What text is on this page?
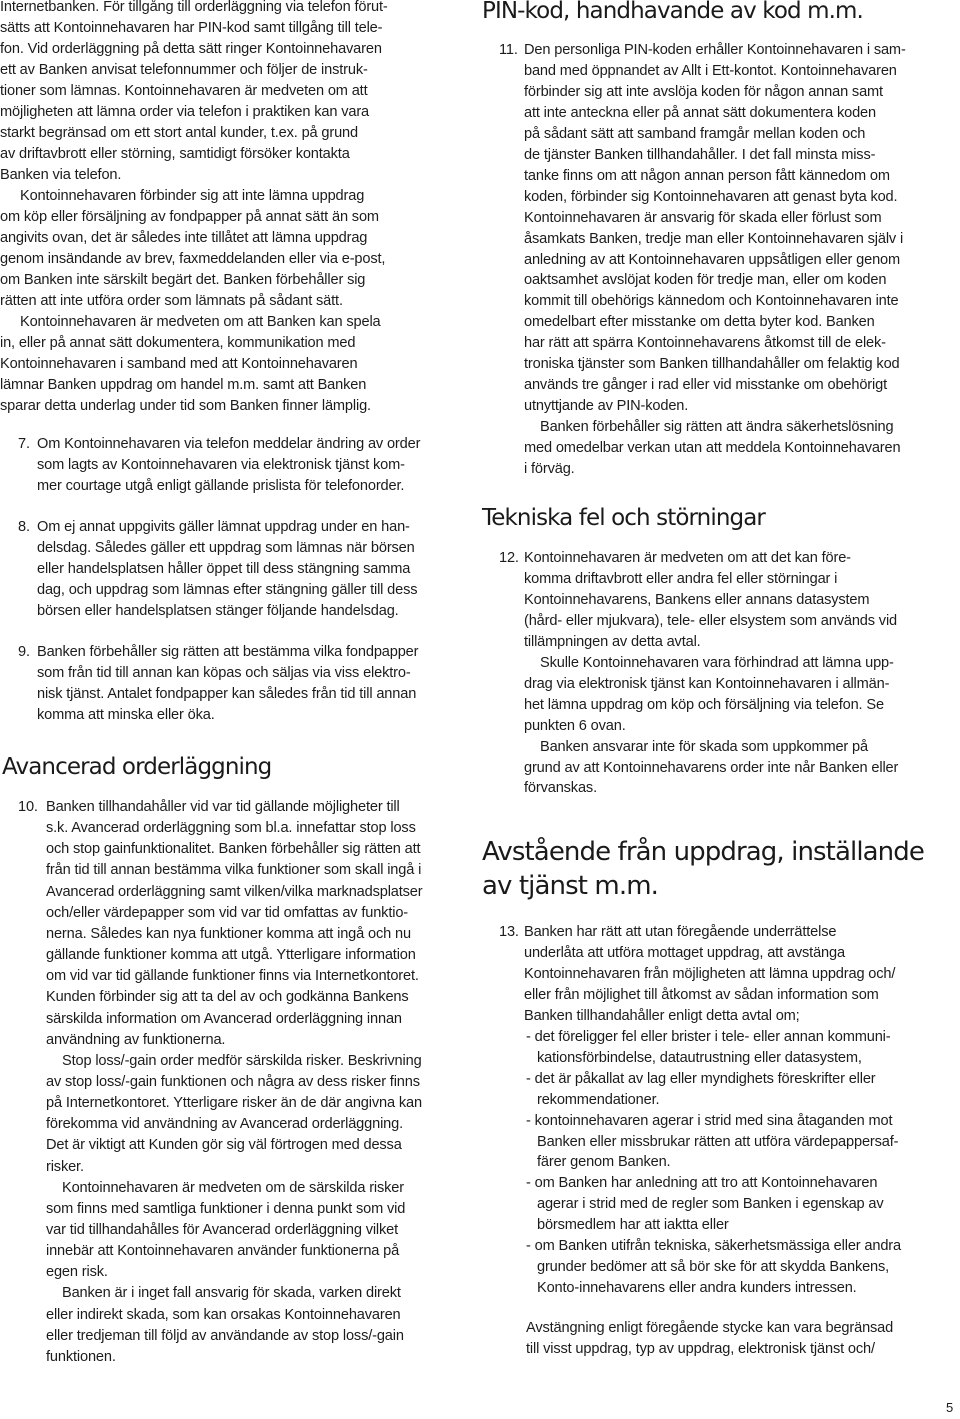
Internetbanken. För tillgång till orderläggning via telefon förut-
sätts att Kontoinnehavaren har PIN-kod samt tillgång till tele-
fon. Vid orderläggning på detta sätt ringer Kontoinnehavaren
ett av Banken anvisat telefonnummer och följer de instruk-
tioner som lämnas. Kontoinnehavaren är medveten om att
möjligheten att lämna order via telefon i praktiken kan vara
starkt begränsad om ett stort antal kunder, t.ex. på grund
av driftavbrott eller störning, samtidigt försöker kontakta
Banken via telefon.
Kontoinnehavaren förbinder sig att inte lämna uppdrag
om köp eller försäljning av fondpapper på annat sätt än som
angivits ovan, det är således inte tillåtet att lämna uppdrag
genom insändande av brev, faxmeddelanden eller via e-post,
om Banken inte särskilt begärt det. Banken förbehåller sig
rätten att inte utföra order som lämnats på sådant sätt.
Kontoinnehavaren är medveten om att Banken kan spela
in, eller på annat sätt dokumentera, kommunikation med
Kontoinnehavaren i samband med att Kontoinnehavaren
lämnar Banken uppdrag om handel m.m. samt att Banken
sparar detta underlag under tid som Banken finner lämplig.
7. Om Kontoinnehavaren via telefon meddelar ändring av order
som lagts av Kontoinnehavaren via elektronisk tjänst kom-
mer courtage utgå enligt gällande prislista för telefonorder.
8. Om ej annat uppgivits gäller lämnat uppdrag under en han-
delsdag. Således gäller ett uppdrag som lämnas när börsen
eller handelsplatsen håller öppet till dess stängning samma
dag, och uppdrag som lämnas efter stängning gäller till dess
börsen eller handelsplatsen stänger följande handelsdag.
9. Banken förbehåller sig rätten att bestämma vilka fondpapper
som från tid till annan kan köpas och säljas via viss elektro-
nisk tjänst. Antalet fondpapper kan således från tid till annan
komma att minska eller öka.
Avancerad orderläggning
10. Banken tillhandahåller vid var tid gällande möjligheter till
s.k. Avancerad orderläggning som bl.a. innefattar stop loss
och stop gainfunktionalitet. Banken förbehåller sig rätten att
från tid till annan bestämma vilka funktioner som skall ingå i
Avancerad orderläggning samt vilken/vilka marknadsplatser
och/eller värdepapper som vid var tid omfattas av funktio-
nerna. Således kan nya funktioner komma att ingå och nu
gällande funktioner komma att utgå. Ytterligare information
om vid var tid gällande funktioner finns via Internetkontoret.
Kunden förbinder sig att ta del av och godkänna Bankens
särskilda information om Avancerad orderläggning innan
användning av funktionerna.
Stop loss/-gain order medför särskilda risker. Beskrivning
av stop loss/-gain funktionen och några av dess risker finns
på Internetkontoret. Ytterligare risker än de där angivna kan
förekomma vid användning av Avancerad orderläggning.
Det är viktigt att Kunden gör sig väl förtrogen med dessa
risker.
Kontoinnehavaren är medveten om de särskilda risker
som finns med samtliga funktioner i denna punkt som vid
var tid tillhandahålles för Avancerad orderläggning vilket
innebär att Kontoinnehavaren använder funktionerna på
egen risk.
Banken är i inget fall ansvarig för skada, varken direkt
eller indirekt skada, som kan orsakas Kontoinnehavaren
eller tredjeman till följd av användande av stop loss/-gain
funktionen.
PIN-kod, handhavande av kod m.m.
11. Den personliga PIN-koden erhåller Kontoinnehavaren i sam-
band med öppnandet av Allt i Ett-kontot. Kontoinnehavaren
förbinder sig att inte avslöja koden för någon annan samt
att inte anteckna eller på annat sätt dokumentera koden
på sådant sätt att samband framgår mellan koden och
de tjänster Banken tillhandahåller. I det fall minsta miss-
tanke finns om att någon annan person fått kännedom om
koden, förbinder sig Kontoinnehavaren att genast byta kod.
Kontoinnehavaren är ansvarig för skada eller förlust som
åsamkats Banken, tredje man eller Kontoinnehavaren själv i
anledning av att Kontoinnehavaren uppsåtligen eller genom
oaktsamhet avslöjat koden för tredje man, eller om koden
kommit till obehörigs kännedom och Kontoinnehavaren inte
omedelbart efter misstanke om detta byter kod. Banken
har rätt att spärra Kontoinnehavarens åtkomst till de elek-
troniska tjänster som Banken tillhandahåller om felaktig kod
används tre gånger i rad eller vid misstanke om obehörigt
utnyttjande av PIN-koden.
Banken förbehåller sig rätten att ändra säkerhetslösning
med omedelbar verkan utan att meddela Kontoinnehavaren
i förväg.
Tekniska fel och störningar
12. Kontoinnehavaren är medveten om att det kan före-
komma driftavbrott eller andra fel eller störningar i
Kontoinnehavarens, Bankens eller annans datasystem
(hård- eller mjukvara), tele- eller elsystem som används vid
tillämpningen av detta avtal.
Skulle Kontoinnehavaren vara förhindrad att lämna upp-
drag via elektronisk tjänst kan Kontoinnehavaren i allmän-
het lämna uppdrag om köp och försäljning via telefon. Se
punkten 6 ovan.
Banken ansvarar inte för skada som uppkommer på
grund av att Kontoinnehavarens order inte når Banken eller
förvanskas.
Avstående från uppdrag, inställande
av tjänst m.m.
13. Banken har rätt att utan föregående underrättelse
underlåta att utföra mottaget uppdrag, att avstänga
Kontoinnehavaren från möjligheten att lämna uppdrag och/
eller från möjlighet till åtkomst av sådan information som
Banken tillhandahåller enligt detta avtal om;
- det föreligger fel eller brister i tele- eller annan kommuni-
kationsförbindelse, datautrustning eller datasystem,
- det är påkallat av lag eller myndighets föreskrifter eller
rekommendationer.
- kontoinnehavaren agerar i strid med sina åtaganden mot
Banken eller missbrukar rätten att utföra värdepappersaf-
färer genom Banken.
- om Banken har anledning att tro att Kontoinnehavaren
agerar i strid med de regler som Banken i egenskap av
börsmedlem har att iaktta eller
- om Banken utifrån tekniska, säkerhetsmässiga eller andra
grunder bedömer att så bör ske för att skydda Bankens,
Konto-innehavarens eller andra kunders intressen.
Avstängning enligt föregående stycke kan vara begränsad
till visst uppdrag, typ av uppdrag, elektronisk tjänst och/
5
